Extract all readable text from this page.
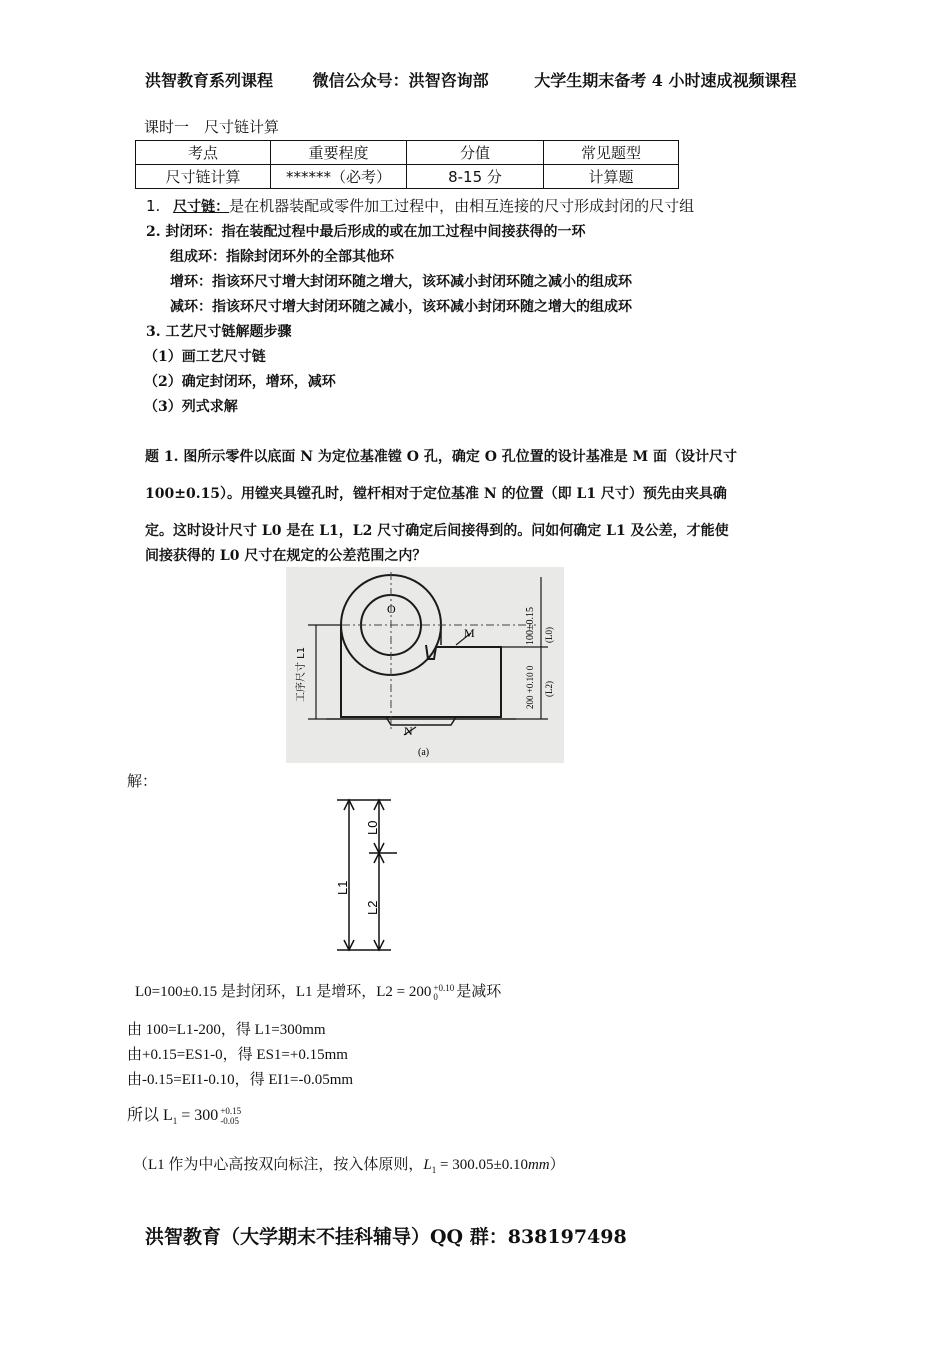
洪智教育系列课程 微信公众号：洪智咨询部	大学生期末备考 4 小时速成视频课程
课时一　尺寸链计算
考点	重要程度	分值	常见题型
尺寸链计算	******（必考）	8-15 分	计算题
1. 尺寸链：是在机器装配或零件加工过程中，由相互连接的尺寸形成封闭的尺寸组
2. 封闭环：指在装配过程中最后形成的或在加工过程中间接获得的一环
组成环：指除封闭环外的全部其他环
增环：指该环尺寸增大封闭环随之增大，该环减小封闭环随之减小的组成环
减环：指该环尺寸增大封闭环随之减小，该环减小封闭环随之增大的组成环
3. 工艺尺寸链解题步骤
（1）画工艺尺寸链
（2）确定封闭环，增环，减环
（3）列式求解
题 1. 图所示零件以底面 N 为定位基准镗 O 孔，确定 O 孔位置的设计基准是 M 面（设计尺寸
100±0.15）。用镗夹具镗孔时，镗杆相对于定位基准 N 的位置（即 L1 尺寸）预先由夹具确
定。这时设计尺寸 L0 是在 L1，L2 尺寸确定后间接得到的。问如何确定 L1 及公差，才能使
间接获得的 L0 尺寸在规定的公差范围之内？
O
M
N
(a)
工序尺寸 L1
100±0.15 (L0)
200 +0.10 0 (L2)
解：
L0
L1
L2
L0=100±0.15 是封闭环，L1 是增环，L2 = 200 +0.10
0	是减环
由 100=L1-200，得 L1=300mm
由+0.15=ES1-0，得 ES1=+0.15mm
由-0.15=EI1-0.10，得 EI1=-0.05mm
所以 $L_1 = 300 +0.15$
-0.05
（L1 作为中心高按双向标注，按入体原则，$L_1 = 300.05\pm 0.10mm$）
洪智教育（大学期末不挂科辅导）QQ 群：838197498
